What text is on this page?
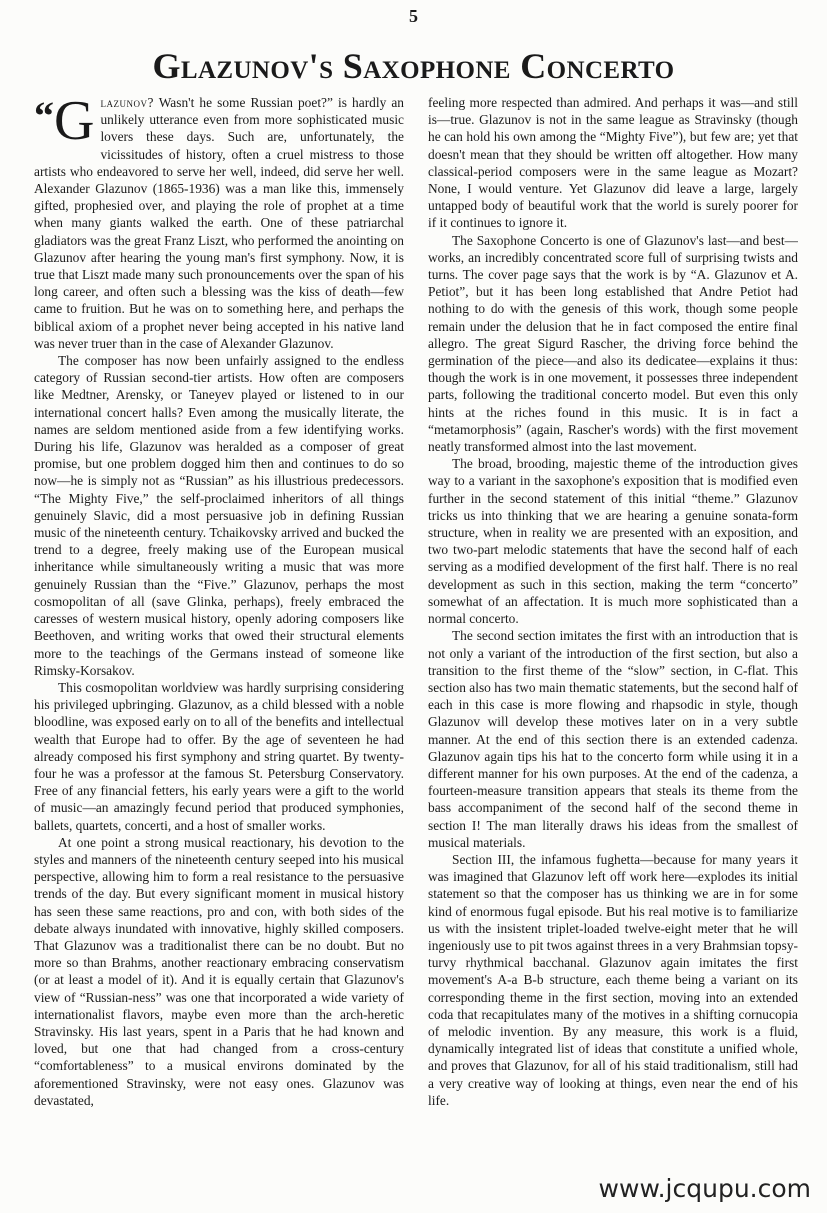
5
Glazunov's Saxophone Concerto

“G lazunov? Wasn't he some Russian poet?” is hardly an unlikely utterance even from more sophisticated music lovers these days. Such are, unfortunately, the vicissitudes of history, often a cruel mistress to those artists who endeavored to serve her well, indeed, did serve her well. Alexander Glazunov (1865-1936) was a man like this, immensely gifted, prophesied over, and playing the role of prophet at a time when many giants walked the earth. One of these patriarchal gladiators was the great Franz Liszt, who performed the anointing on Glazunov after hearing the young man's first symphony. Now, it is true that Liszt made many such pronouncements over the span of his long career, and often such a blessing was the kiss of death—few came to fruition. But he was on to something here, and perhaps the biblical axiom of a prophet never being accepted in his native land was never truer than in the case of Alexander Glazunov.

The composer has now been unfairly assigned to the endless category of Russian second-tier artists. How often are composers like Medtner, Arensky, or Taneyev played or listened to in our international concert halls? Even among the musically literate, the names are seldom mentioned aside from a few identifying works. During his life, Glazunov was heralded as a composer of great promise, but one problem dogged him then and continues to do so now—he is simply not as “Russian” as his illustrious predecessors. “The Mighty Five,” the self-proclaimed inheritors of all things genuinely Slavic, did a most persuasive job in defining Russian music of the nineteenth century. Tchaikovsky arrived and bucked the trend to a degree, freely making use of the European musical inheritance while simultaneously writing a music that was more genuinely Russian than the “Five.” Glazunov, perhaps the most cosmopolitan of all (save Glinka, perhaps), freely embraced the caresses of western musical history, openly adoring composers like Beethoven, and writing works that owed their structural elements more to the teachings of the Germans instead of someone like Rimsky-Korsakov.

This cosmopolitan worldview was hardly surprising considering his privileged upbringing. Glazunov, as a child blessed with a noble bloodline, was exposed early on to all of the benefits and intellectual wealth that Europe had to offer. By the age of seventeen he had already composed his first symphony and string quartet. By twenty-four he was a professor at the famous St. Petersburg Conservatory. Free of any financial fetters, his early years were a gift to the world of music—an amazingly fecund period that produced symphonies, ballets, quartets, concerti, and a host of smaller works.

At one point a strong musical reactionary, his devotion to the styles and manners of the nineteenth century seeped into his musical perspective, allowing him to form a real resistance to the persuasive trends of the day. But every significant moment in musical history has seen these same reactions, pro and con, with both sides of the debate always inundated with innovative, highly skilled composers. That Glazunov was a traditionalist there can be no doubt. But no more so than Brahms, another reactionary embracing conservatism (or at least a model of it). And it is equally certain that Glazunov's view of “Russian-ness” was one that incorporated a wide variety of internationalist flavors, maybe even more than the arch-heretic Stravinsky. His last years, spent in a Paris that he had known and loved, but one that had changed from a cross-century “comfortableness” to a musical environs dominated by the aforementioned Stravinsky, were not easy ones. Glazunov was devastated,

feeling more respected than admired. And perhaps it was—and still is—true. Glazunov is not in the same league as Stravinsky (though he can hold his own among the “Mighty Five”), but few are; yet that doesn't mean that they should be written off altogether. How many classical-period composers were in the same league as Mozart? None, I would venture. Yet Glazunov did leave a large, largely untapped body of beautiful work that the world is surely poorer for if it continues to ignore it.

The Saxophone Concerto is one of Glazunov's last—and best—works, an incredibly concentrated score full of surprising twists and turns. The cover page says that the work is by “A. Glazunov et A. Petiot”, but it has been long established that Andre Petiot had nothing to do with the genesis of this work, though some people remain under the delusion that he in fact composed the entire final allegro. The great Sigurd Rascher, the driving force behind the germination of the piece—and also its dedicatee—explains it thus: though the work is in one movement, it possesses three independent parts, following the traditional concerto model. But even this only hints at the riches found in this music. It is in fact a “metamorphosis” (again, Rascher's words) with the first movement neatly transformed almost into the last movement.

The broad, brooding, majestic theme of the introduction gives way to a variant in the saxophone's exposition that is modified even further in the second statement of this initial “theme.” Glazunov tricks us into thinking that we are hearing a genuine sonata-form structure, when in reality we are presented with an exposition, and two two-part melodic statements that have the second half of each serving as a modified development of the first half. There is no real development as such in this section, making the term “concerto” somewhat of an affectation. It is much more sophisticated than a normal concerto.

The second section imitates the first with an introduction that is not only a variant of the introduction of the first section, but also a transition to the first theme of the “slow” section, in C-flat. This section also has two main thematic statements, but the second half of each in this case is more flowing and rhapsodic in style, though Glazunov will develop these motives later on in a very subtle manner. At the end of this section there is an extended cadenza. Glazunov again tips his hat to the concerto form while using it in a different manner for his own purposes. At the end of the cadenza, a fourteen-measure transition appears that steals its theme from the bass accompaniment of the second half of the second theme in section I! The man literally draws his ideas from the smallest of musical materials.

Section III, the infamous fughetta—because for many years it was imagined that Glazunov left off work here—explodes its initial statement so that the composer has us thinking we are in for some kind of enormous fugal episode. But his real motive is to familiarize us with the insistent triplet-loaded twelve-eight meter that he will ingeniously use to pit twos against threes in a very Brahmsian topsy-turvy rhythmical bacchanal. Glazunov again imitates the first movement's A-a B-b structure, each theme being a variant on its corresponding theme in the first section, moving into an extended coda that recapitulates many of the motives in a shifting cornucopia of melodic invention. By any measure, this work is a fluid, dynamically integrated list of ideas that constitute a unified whole, and proves that Glazunov, for all of his staid traditionalism, still had a very creative way of looking at things, even near the end of his life.

www.jcqupu.com
